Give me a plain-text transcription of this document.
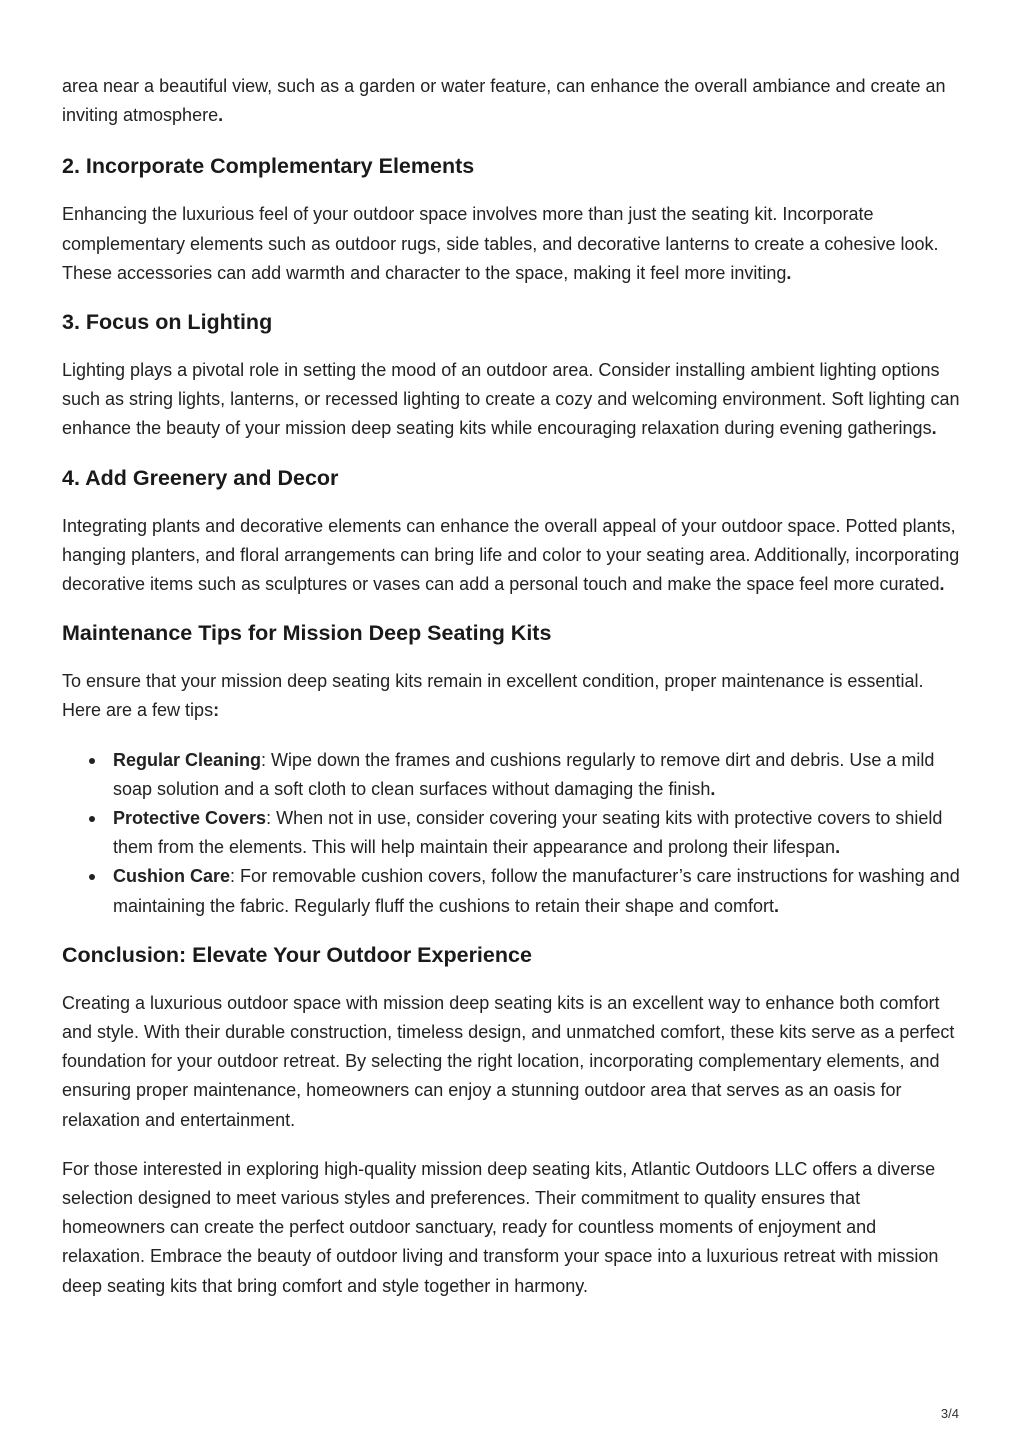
area near a beautiful view, such as a garden or water feature, can enhance the overall ambiance and create an inviting atmosphere.

2. Incorporate Complementary Elements

Enhancing the luxurious feel of your outdoor space involves more than just the seating kit. Incorporate complementary elements such as outdoor rugs, side tables, and decorative lanterns to create a cohesive look. These accessories can add warmth and character to the space, making it feel more inviting.

3. Focus on Lighting

Lighting plays a pivotal role in setting the mood of an outdoor area. Consider installing ambient lighting options such as string lights, lanterns, or recessed lighting to create a cozy and welcoming environment. Soft lighting can enhance the beauty of your mission deep seating kits while encouraging relaxation during evening gatherings.

4. Add Greenery and Decor

Integrating plants and decorative elements can enhance the overall appeal of your outdoor space. Potted plants, hanging planters, and floral arrangements can bring life and color to your seating area. Additionally, incorporating decorative items such as sculptures or vases can add a personal touch and make the space feel more curated.

Maintenance Tips for Mission Deep Seating Kits

To ensure that your mission deep seating kits remain in excellent condition, proper maintenance is essential. Here are a few tips:

Regular Cleaning: Wipe down the frames and cushions regularly to remove dirt and debris. Use a mild soap solution and a soft cloth to clean surfaces without damaging the finish.
Protective Covers: When not in use, consider covering your seating kits with protective covers to shield them from the elements. This will help maintain their appearance and prolong their lifespan.
Cushion Care: For removable cushion covers, follow the manufacturer’s care instructions for washing and maintaining the fabric. Regularly fluff the cushions to retain their shape and comfort.
Conclusion: Elevate Your Outdoor Experience

Creating a luxurious outdoor space with mission deep seating kits is an excellent way to enhance both comfort and style. With their durable construction, timeless design, and unmatched comfort, these kits serve as a perfect foundation for your outdoor retreat. By selecting the right location, incorporating complementary elements, and ensuring proper maintenance, homeowners can enjoy a stunning outdoor area that serves as an oasis for relaxation and entertainment.

For those interested in exploring high-quality mission deep seating kits, Atlantic Outdoors LLC offers a diverse selection designed to meet various styles and preferences. Their commitment to quality ensures that homeowners can create the perfect outdoor sanctuary, ready for countless moments of enjoyment and relaxation. Embrace the beauty of outdoor living and transform your space into a luxurious retreat with mission deep seating kits that bring comfort and style together in harmony.

3/4
